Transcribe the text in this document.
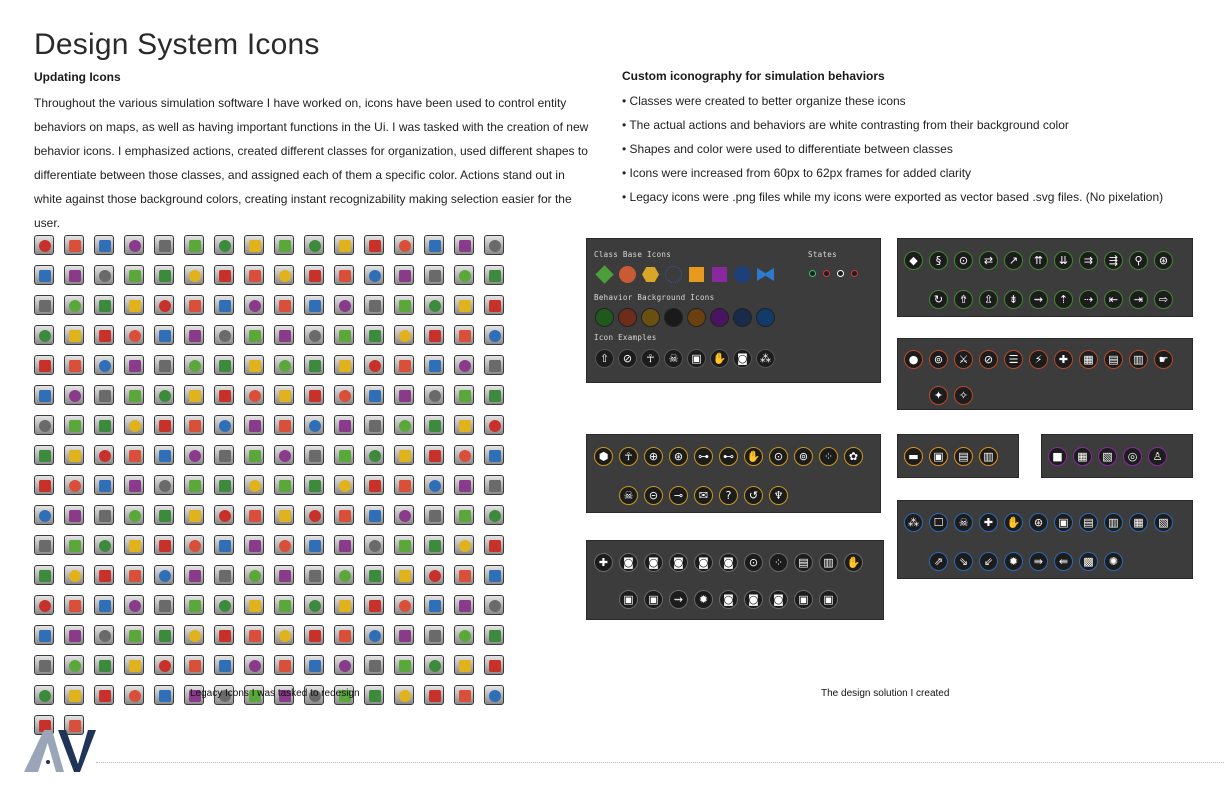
Design System Icons
Updating Icons
Throughout the various simulation software I have worked on, icons have been used to control entity behaviors on maps, as well as having important functions in the Ui. I was tasked with the creation of new behavior icons. I emphasized actions, created different classes for organization, used different shapes to differentiate between those classes, and assigned each of them a specific color. Actions stand out in white against those background colors, creating instant recognizability making selection easier for the user.
Custom iconography for simulation behaviors
• Classes were created to better organize these icons
• The actual actions and behaviors are white contrasting from their background color
• Shapes and color were used to differentiate between classes
• Icons were increased from 60px to 62px frames for added clarity
• Legacy icons were .png files while my icons were exported as vector based .svg files. (No pixelation)
Legacy Icons I was tasked to redesign
Class Base Icons	States
Behavior Background Icons
Icon Examples
⇧	⊘	☥	☠	▣ ✋ ◙	⁂
◆	§	⊙	⇄	↗	⇈	⇊	⇉	⇶	⚲	⊛
↻	⇮	⇫	⇟	⇝	⇡	⇢	⇤	⇥	⇨
●	⊚	⚔	⊘	☰	⚡	✚	▦	▤	▥	☛
✦	✧
⬢	☥	⊕	⊛	⊶	⊷	✋	⊙	⊚	⁘	✿
☠	⊝	⊸	✉	?	↺	♆
▬	▣	▤	▥	■	▦	▧	◎	♙
⁂	☐	☠	✚	✋	⊛	▣	▤	▥	▦	▧
⇗	⇘	⇙	✹	⇛	⇚	▩	✺
✚	◙	◙	◙	◙	◙	⊙	⁘	▤	▥	✋
▣	▣	⇝	✹	◙	◙	◙	▣	▣
The design solution I created
